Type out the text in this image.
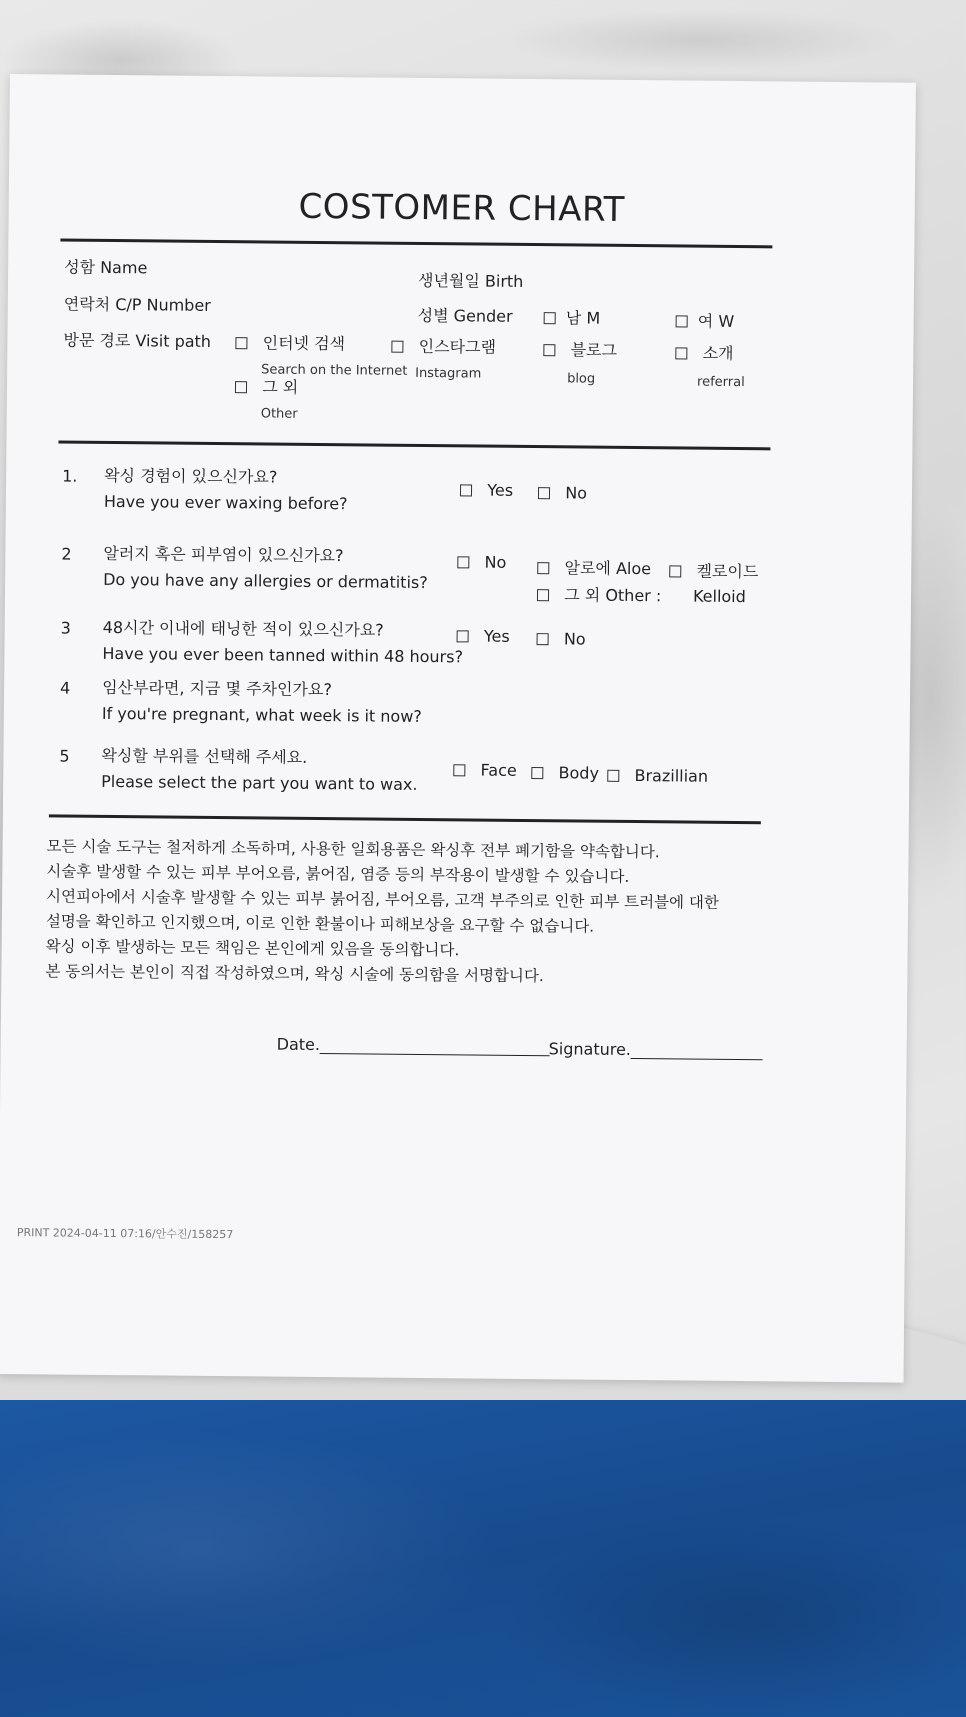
COSTOMER CHART
성함 Name
연락처 C/P Number
방문 경로 Visit path
생년월일 Birth
성별 Gender	남 M	여 W
인터넷 검색
Search on the Internet
인스타그램
Instagram
블로그
blog
소개
referral
그 외
Other
1. 왁싱 경험이 있으신가요?
Have you ever waxing before?
Yes	No
2 알러지 혹은 피부염이 있으신가요?
Do you have any allergies or dermatitis?
No	알로에 Aloe	켈로이드
Kelloid
그 외 Other :
3 48시간 이내에 태닝한 적이 있으신가요?
Have you ever been tanned within 48 hours?
Yes	No
4 임산부라면, 지금 몇 주차인가요?
If you're pregnant, what week is it now?
5 왁싱할 부위를 선택해 주세요.
Please select the part you want to wax.
Face	Body	Brazillian
모든 시술 도구는 철저하게 소독하며, 사용한 일회용품은 왁싱후 전부 폐기함을 약속합니다.
시술후 발생할 수 있는 피부 부어오름, 붉어짐, 염증 등의 부작용이 발생할 수 있습니다.
시연피아에서 시술후 발생할 수 있는 피부 붉어짐, 부어오름, 고객 부주의로 인한 피부 트러블에 대한
설명을 확인하고 인지했으며, 이로 인한 환불이나 피해보상을 요구할 수 없습니다.
왁싱 이후 발생하는 모든 책임은 본인에게 있음을 동의합니다.
본 동의서는 본인이 직접 작성하였으며, 왁싱 시술에 동의함을 서명합니다.
Date.	Signature.
PRINT 2024-04-11 07:16/안수진/158257
